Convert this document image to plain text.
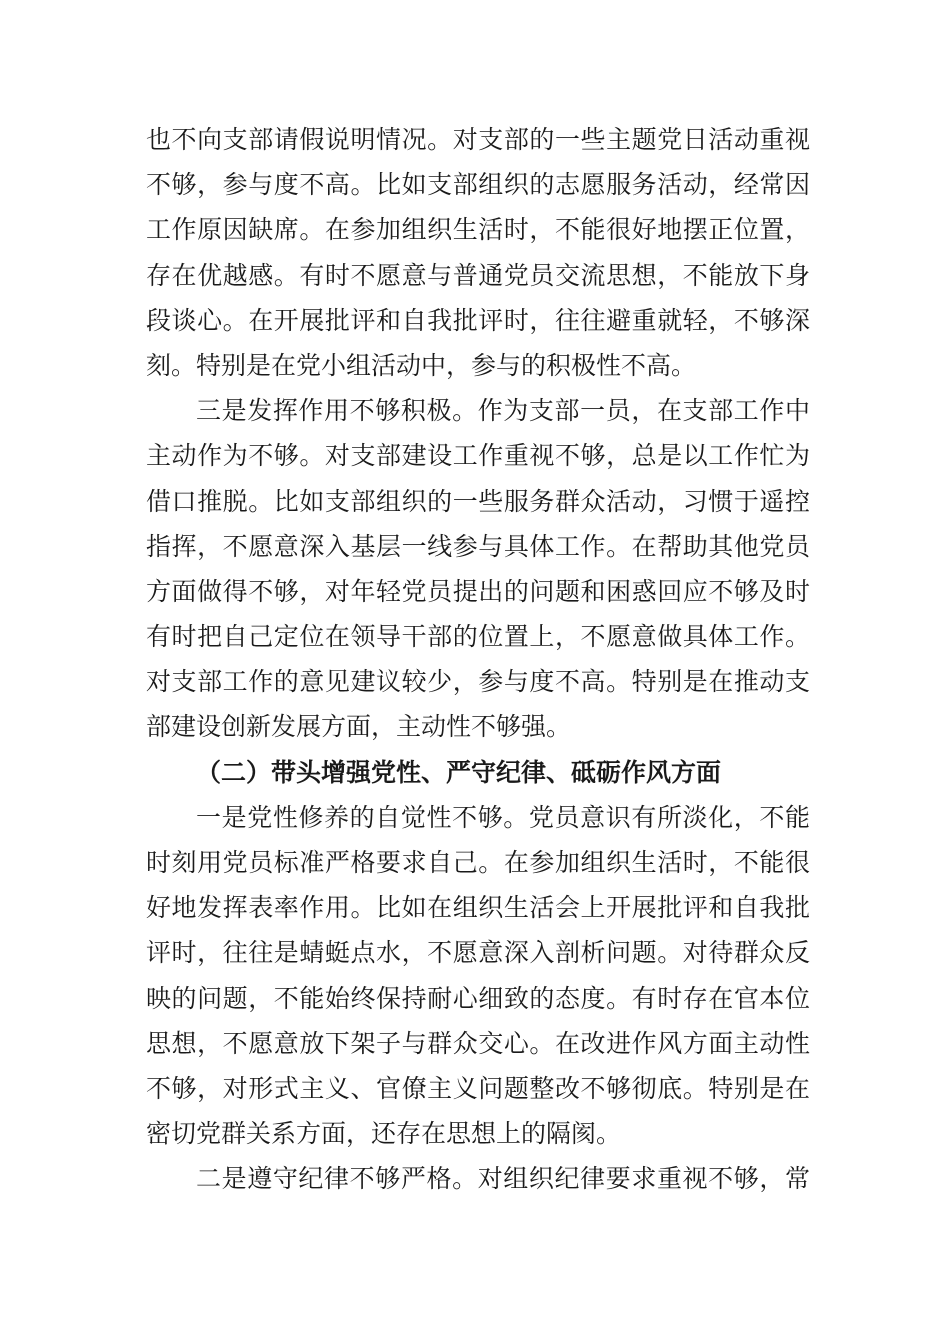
也不向支部请假说明情况。对支部的一些主题党日活动重视
不够，参与度不高。比如支部组织的志愿服务活动，经常因
工作原因缺席。在参加组织生活时，不能很好地摆正位置，
存在优越感。有时不愿意与普通党员交流思想，不能放下身
段谈心。在开展批评和自我批评时，往往避重就轻，不够深
刻。特别是在党小组活动中，参与的积极性不高。
三是发挥作用不够积极。作为支部一员，在支部工作中
主动作为不够。对支部建设工作重视不够，总是以工作忙为
借口推脱。比如支部组织的一些服务群众活动，习惯于遥控
指挥，不愿意深入基层一线参与具体工作。在帮助其他党员
方面做得不够，对年轻党员提出的问题和困惑回应不够及时
有时把自己定位在领导干部的位置上，不愿意做具体工作。
对支部工作的意见建议较少，参与度不高。特别是在推动支
部建设创新发展方面，主动性不够强。
（二）带头增强党性、严守纪律、砥砺作风方面
一是党性修养的自觉性不够。党员意识有所淡化，不能
时刻用党员标准严格要求自己。在参加组织生活时，不能很
好地发挥表率作用。比如在组织生活会上开展批评和自我批
评时，往往是蜻蜓点水，不愿意深入剖析问题。对待群众反
映的问题，不能始终保持耐心细致的态度。有时存在官本位
思想，不愿意放下架子与群众交心。在改进作风方面主动性
不够，对形式主义、官僚主义问题整改不够彻底。特别是在
密切党群关系方面，还存在思想上的隔阂。
二是遵守纪律不够严格。对组织纪律要求重视不够，常
